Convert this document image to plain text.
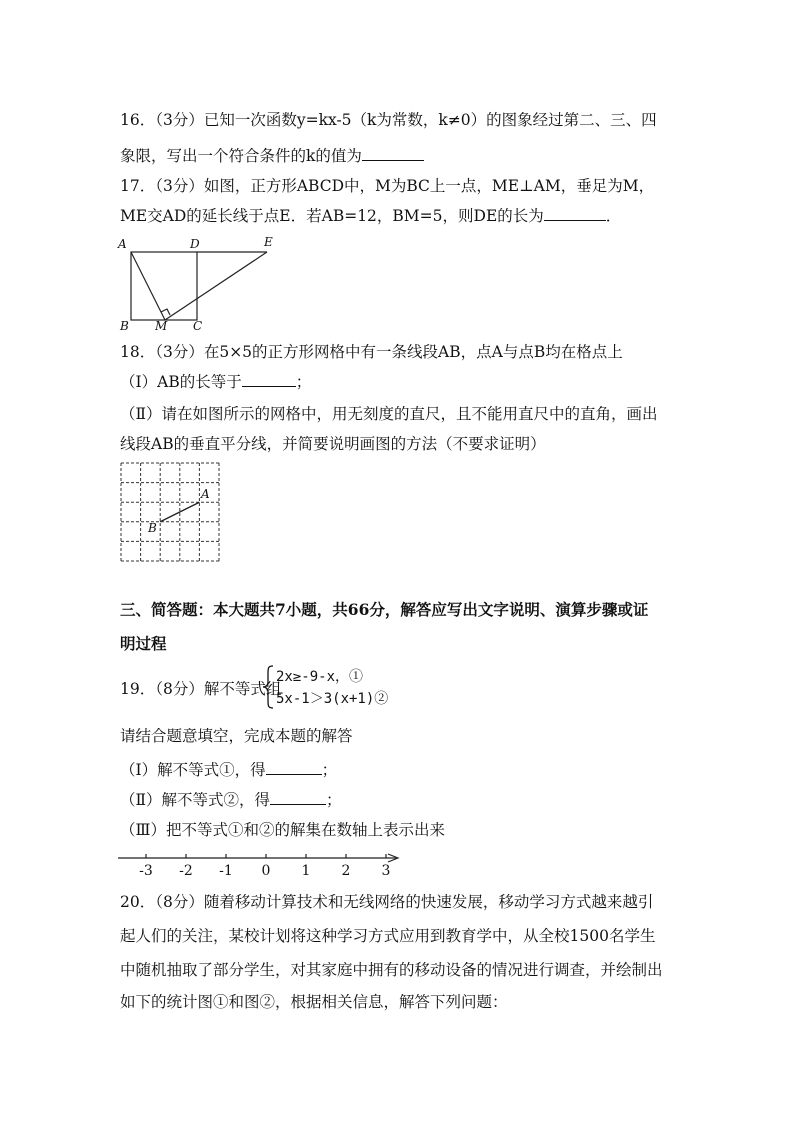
16．（3分）已知一次函数y=kx-5（k为常数，k≠0）的图象经过第二、三、四
象限，写出一个符合条件的k的值为
17．（3分）如图，正方形ABCD中，M为BC上一点，ME⊥AM，垂足为M，
ME交AD的延长线于点E．若AB=12，BM=5，则DE的长为	．
A	D	E
B M C
18．（3分）在5×5的正方形网格中有一条线段AB，点A与点B均在格点上
（Ⅰ）AB的长等于	；
（Ⅱ）请在如图所示的网格中，用无刻度的直尺，且不能用直尺中的直角，画出
线段AB的垂直平分线，并简要说明画图的方法（不要求证明）
A
B
三、简答题：本大题共7小题，共66分，解答应写出文字说明、演算步骤或证
明过程
19．（8分）解不等式组
2x≥-9-x，①
5x-1＞3(x+1)②
请结合题意填空，完成本题的解答
（Ⅰ）解不等式①，得	；
（Ⅱ）解不等式②，得	；
（Ⅲ）把不等式①和②的解集在数轴上表示出来
-3 -2 -1 0 1 2 3
20．（8分）随着移动计算技术和无线网络的快速发展，移动学习方式越来越引
起人们的关注，某校计划将这种学习方式应用到教育学中，从全校1500名学生
中随机抽取了部分学生，对其家庭中拥有的移动设备的情况进行调查，并绘制出
如下的统计图①和图②，根据相关信息，解答下列问题：
